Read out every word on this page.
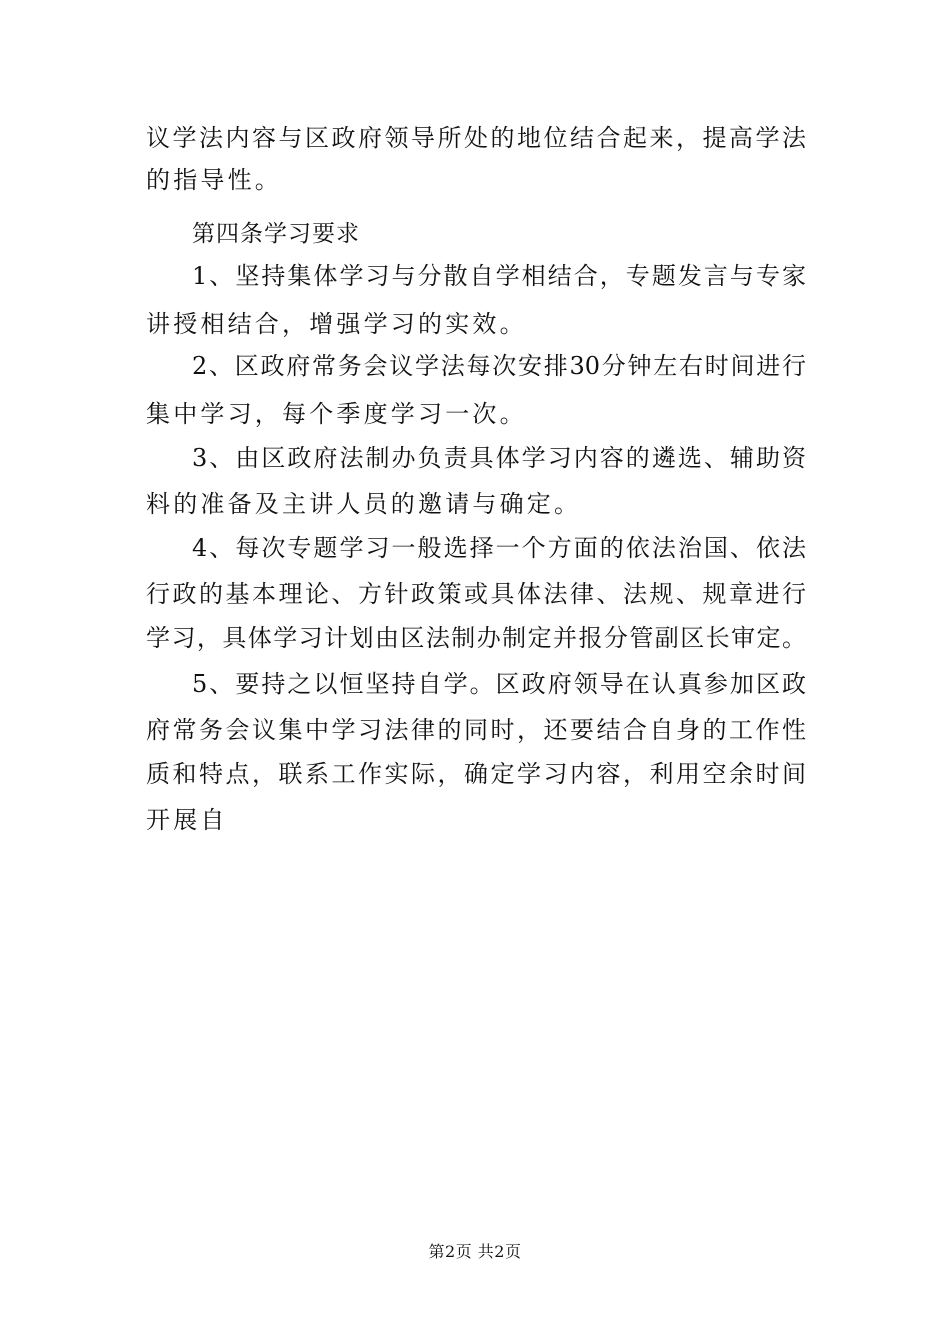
议学法内容与区政府领导所处的地位结合起来，提高学法
的指导性。
第四条学习要求
1、坚持集体学习与分散自学相结合，专题发言与专家
讲授相结合，增强学习的实效。
2、区政府常务会议学法每次安排30分钟左右时间进行
集中学习，每个季度学习一次。
3、由区政府法制办负责具体学习内容的遴选、辅助资
料的准备及主讲人员的邀请与确定。
4、每次专题学习一般选择一个方面的依法治国、依法
行政的基本理论、方针政策或具体法律、法规、规章进行
学习，具体学习计划由区法制办制定并报分管副区长审定。
5、要持之以恒坚持自学。区政府领导在认真参加区政
府常务会议集中学习法律的同时，还要结合自身的工作性
质和特点，联系工作实际，确定学习内容，利用空余时间
开展自
第2页 共2页
